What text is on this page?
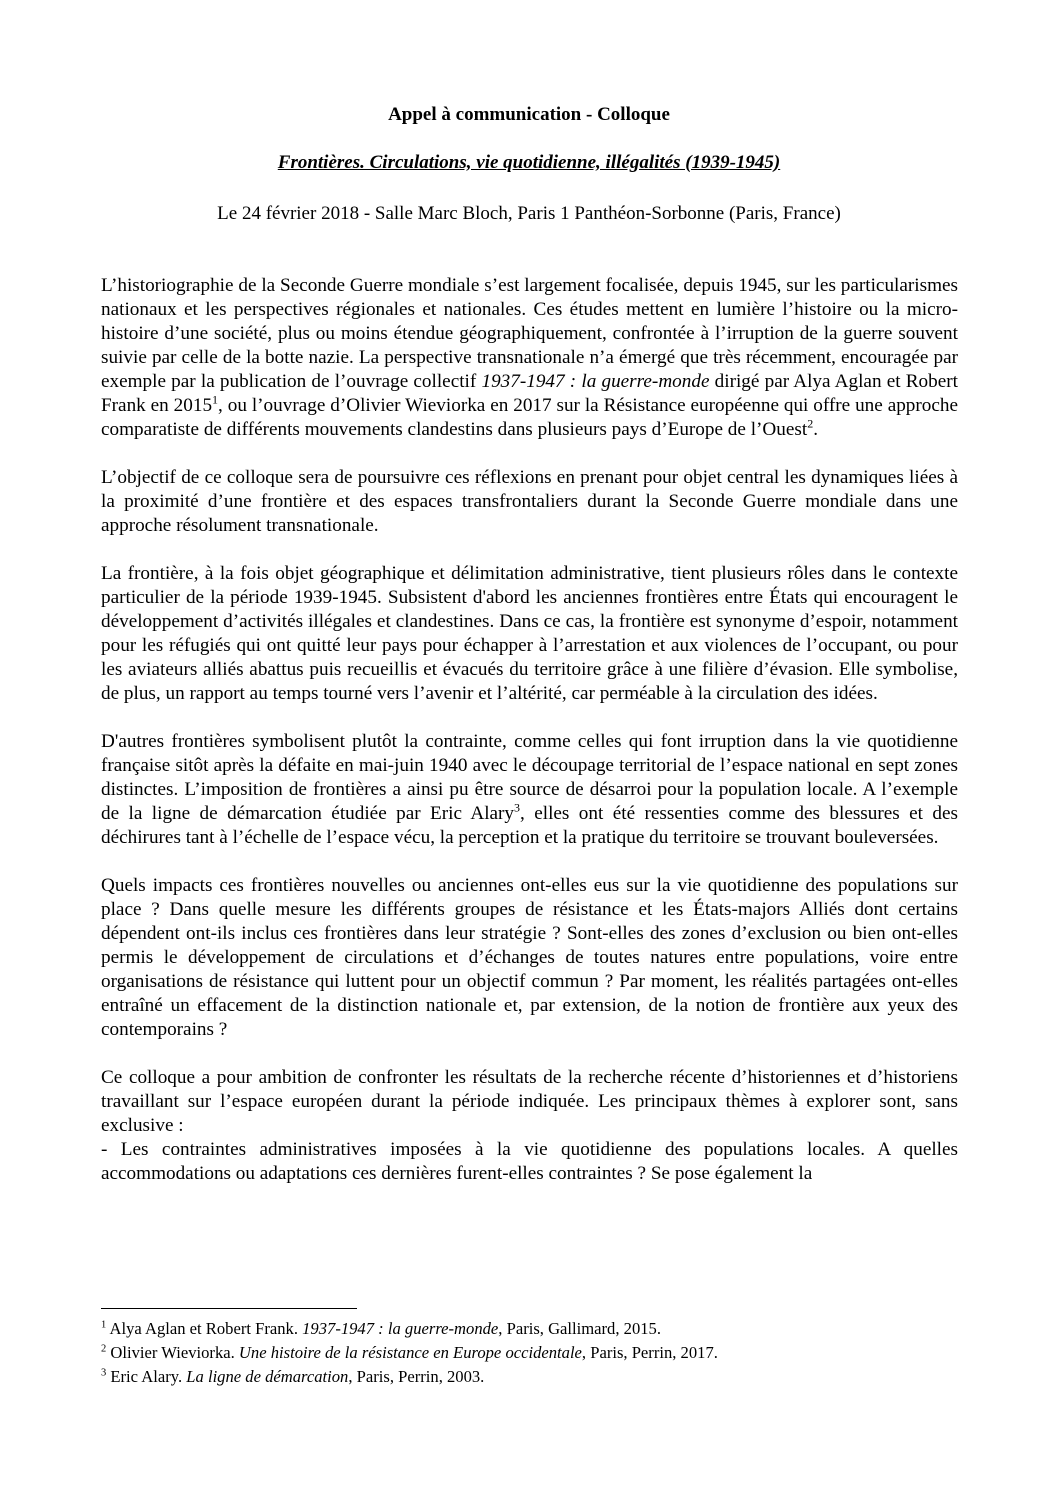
Appel à communication - Colloque
Frontières. Circulations, vie quotidienne, illégalités (1939-1945)
Le 24 février 2018 - Salle Marc Bloch, Paris 1 Panthéon-Sorbonne (Paris, France)

L’historiographie de la Seconde Guerre mondiale s’est largement focalisée, depuis 1945, sur les particularismes nationaux et les perspectives régionales et nationales. Ces études mettent en lumière l’histoire ou la micro-histoire d’une société, plus ou moins étendue géographiquement, confrontée à l’irruption de la guerre souvent suivie par celle de la botte nazie. La perspective transnationale n’a émergé que très récemment, encouragée par exemple par la publication de l’ouvrage collectif 1937-1947 : la guerre-monde dirigé par Alya Aglan et Robert Frank en 2015$^1$, ou l’ouvrage d’Olivier Wieviorka en 2017 sur la Résistance européenne qui offre une approche comparatiste de différents mouvements clandestins dans plusieurs pays d’Europe de l’Ouest$^2$.

L’objectif de ce colloque sera de poursuivre ces réflexions en prenant pour objet central les dynamiques liées à la proximité d’une frontière et des espaces transfrontaliers durant la Seconde Guerre mondiale dans une approche résolument transnationale.

La frontière, à la fois objet géographique et délimitation administrative, tient plusieurs rôles dans le contexte particulier de la période 1939-1945. Subsistent d'abord les anciennes frontières entre États qui encouragent le développement d’activités illégales et clandestines. Dans ce cas, la frontière est synonyme d’espoir, notamment pour les réfugiés qui ont quitté leur pays pour échapper à l’arrestation et aux violences de l’occupant, ou pour les aviateurs alliés abattus puis recueillis et évacués du territoire grâce à une filière d’évasion. Elle symbolise, de plus, un rapport au temps tourné vers l’avenir et l’altérité, car perméable à la circulation des idées.

D'autres frontières symbolisent plutôt la contrainte, comme celles qui font irruption dans la vie quotidienne française sitôt après la défaite en mai-juin 1940 avec le découpage territorial de l’espace national en sept zones distinctes. L’imposition de frontières a ainsi pu être source de désarroi pour la population locale. A l’exemple de la ligne de démarcation étudiée par Eric Alary$^3$, elles ont été ressenties comme des blessures et des déchirures tant à l’échelle de l’espace vécu, la perception et la pratique du territoire se trouvant bouleversées.

Quels impacts ces frontières nouvelles ou anciennes ont-elles eus sur la vie quotidienne des populations sur place ? Dans quelle mesure les différents groupes de résistance et les États-majors Alliés dont certains dépendent ont-ils inclus ces frontières dans leur stratégie ? Sont-elles des zones d’exclusion ou bien ont-elles permis le développement de circulations et d’échanges de toutes natures entre populations, voire entre organisations de résistance qui luttent pour un objectif commun ? Par moment, les réalités partagées ont-elles entraîné un effacement de la distinction nationale et, par extension, de la notion de frontière aux yeux des contemporains ?

Ce colloque a pour ambition de confronter les résultats de la recherche récente d’historiennes et d’historiens travaillant sur l’espace européen durant la période indiquée. Les principaux thèmes à explorer sont, sans exclusive :

- Les contraintes administratives imposées à la vie quotidienne des populations locales. A quelles accommodations ou adaptations ces dernières furent-elles contraintes ? Se pose également la

$^1$ Alya Aglan et Robert Frank. 1937-1947 : la guerre-monde, Paris, Gallimard, 2015.
$^2$ Olivier Wieviorka. Une histoire de la résistance en Europe occidentale, Paris, Perrin, 2017.
$^3$ Eric Alary. La ligne de démarcation, Paris, Perrin, 2003.
